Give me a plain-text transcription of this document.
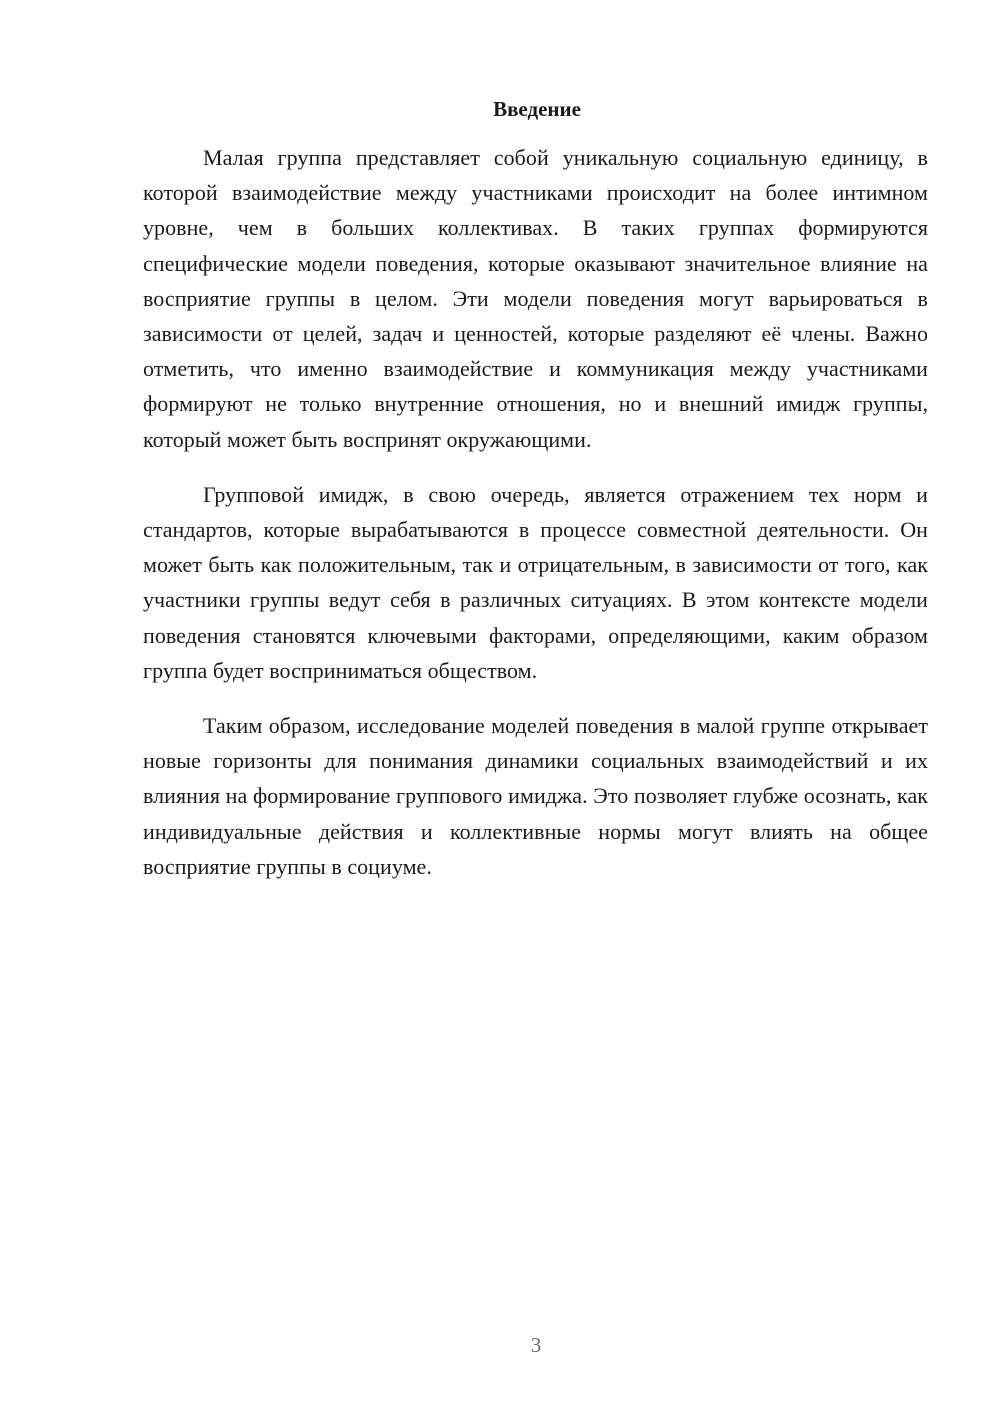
Введение

Малая группа представляет собой уникальную социальную единицу, в которой взаимодействие между участниками происходит на более интимном уровне, чем в больших коллективах. В таких группах формируются специфические модели поведения, которые оказывают значительное влияние на восприятие группы в целом. Эти модели поведения могут варьироваться в зависимости от целей, задач и ценностей, которые разделяют её члены. Важно отметить, что именно взаимодействие и коммуникация между участниками формируют не только внутренние отношения, но и внешний имидж группы, который может быть воспринят окружающими.

Групповой имидж, в свою очередь, является отражением тех норм и стандартов, которые вырабатываются в процессе совместной деятельности. Он может быть как положительным, так и отрицательным, в зависимости от того, как участники группы ведут себя в различных ситуациях. В этом контексте модели поведения становятся ключевыми факторами, определяющими, каким образом группа будет восприниматься обществом.

Таким образом, исследование моделей поведения в малой группе открывает новые горизонты для понимания динамики социальных взаимодействий и их влияния на формирование группового имиджа. Это позволяет глубже осознать, как индивидуальные действия и коллективные нормы могут влиять на общее восприятие группы в социуме.

3
